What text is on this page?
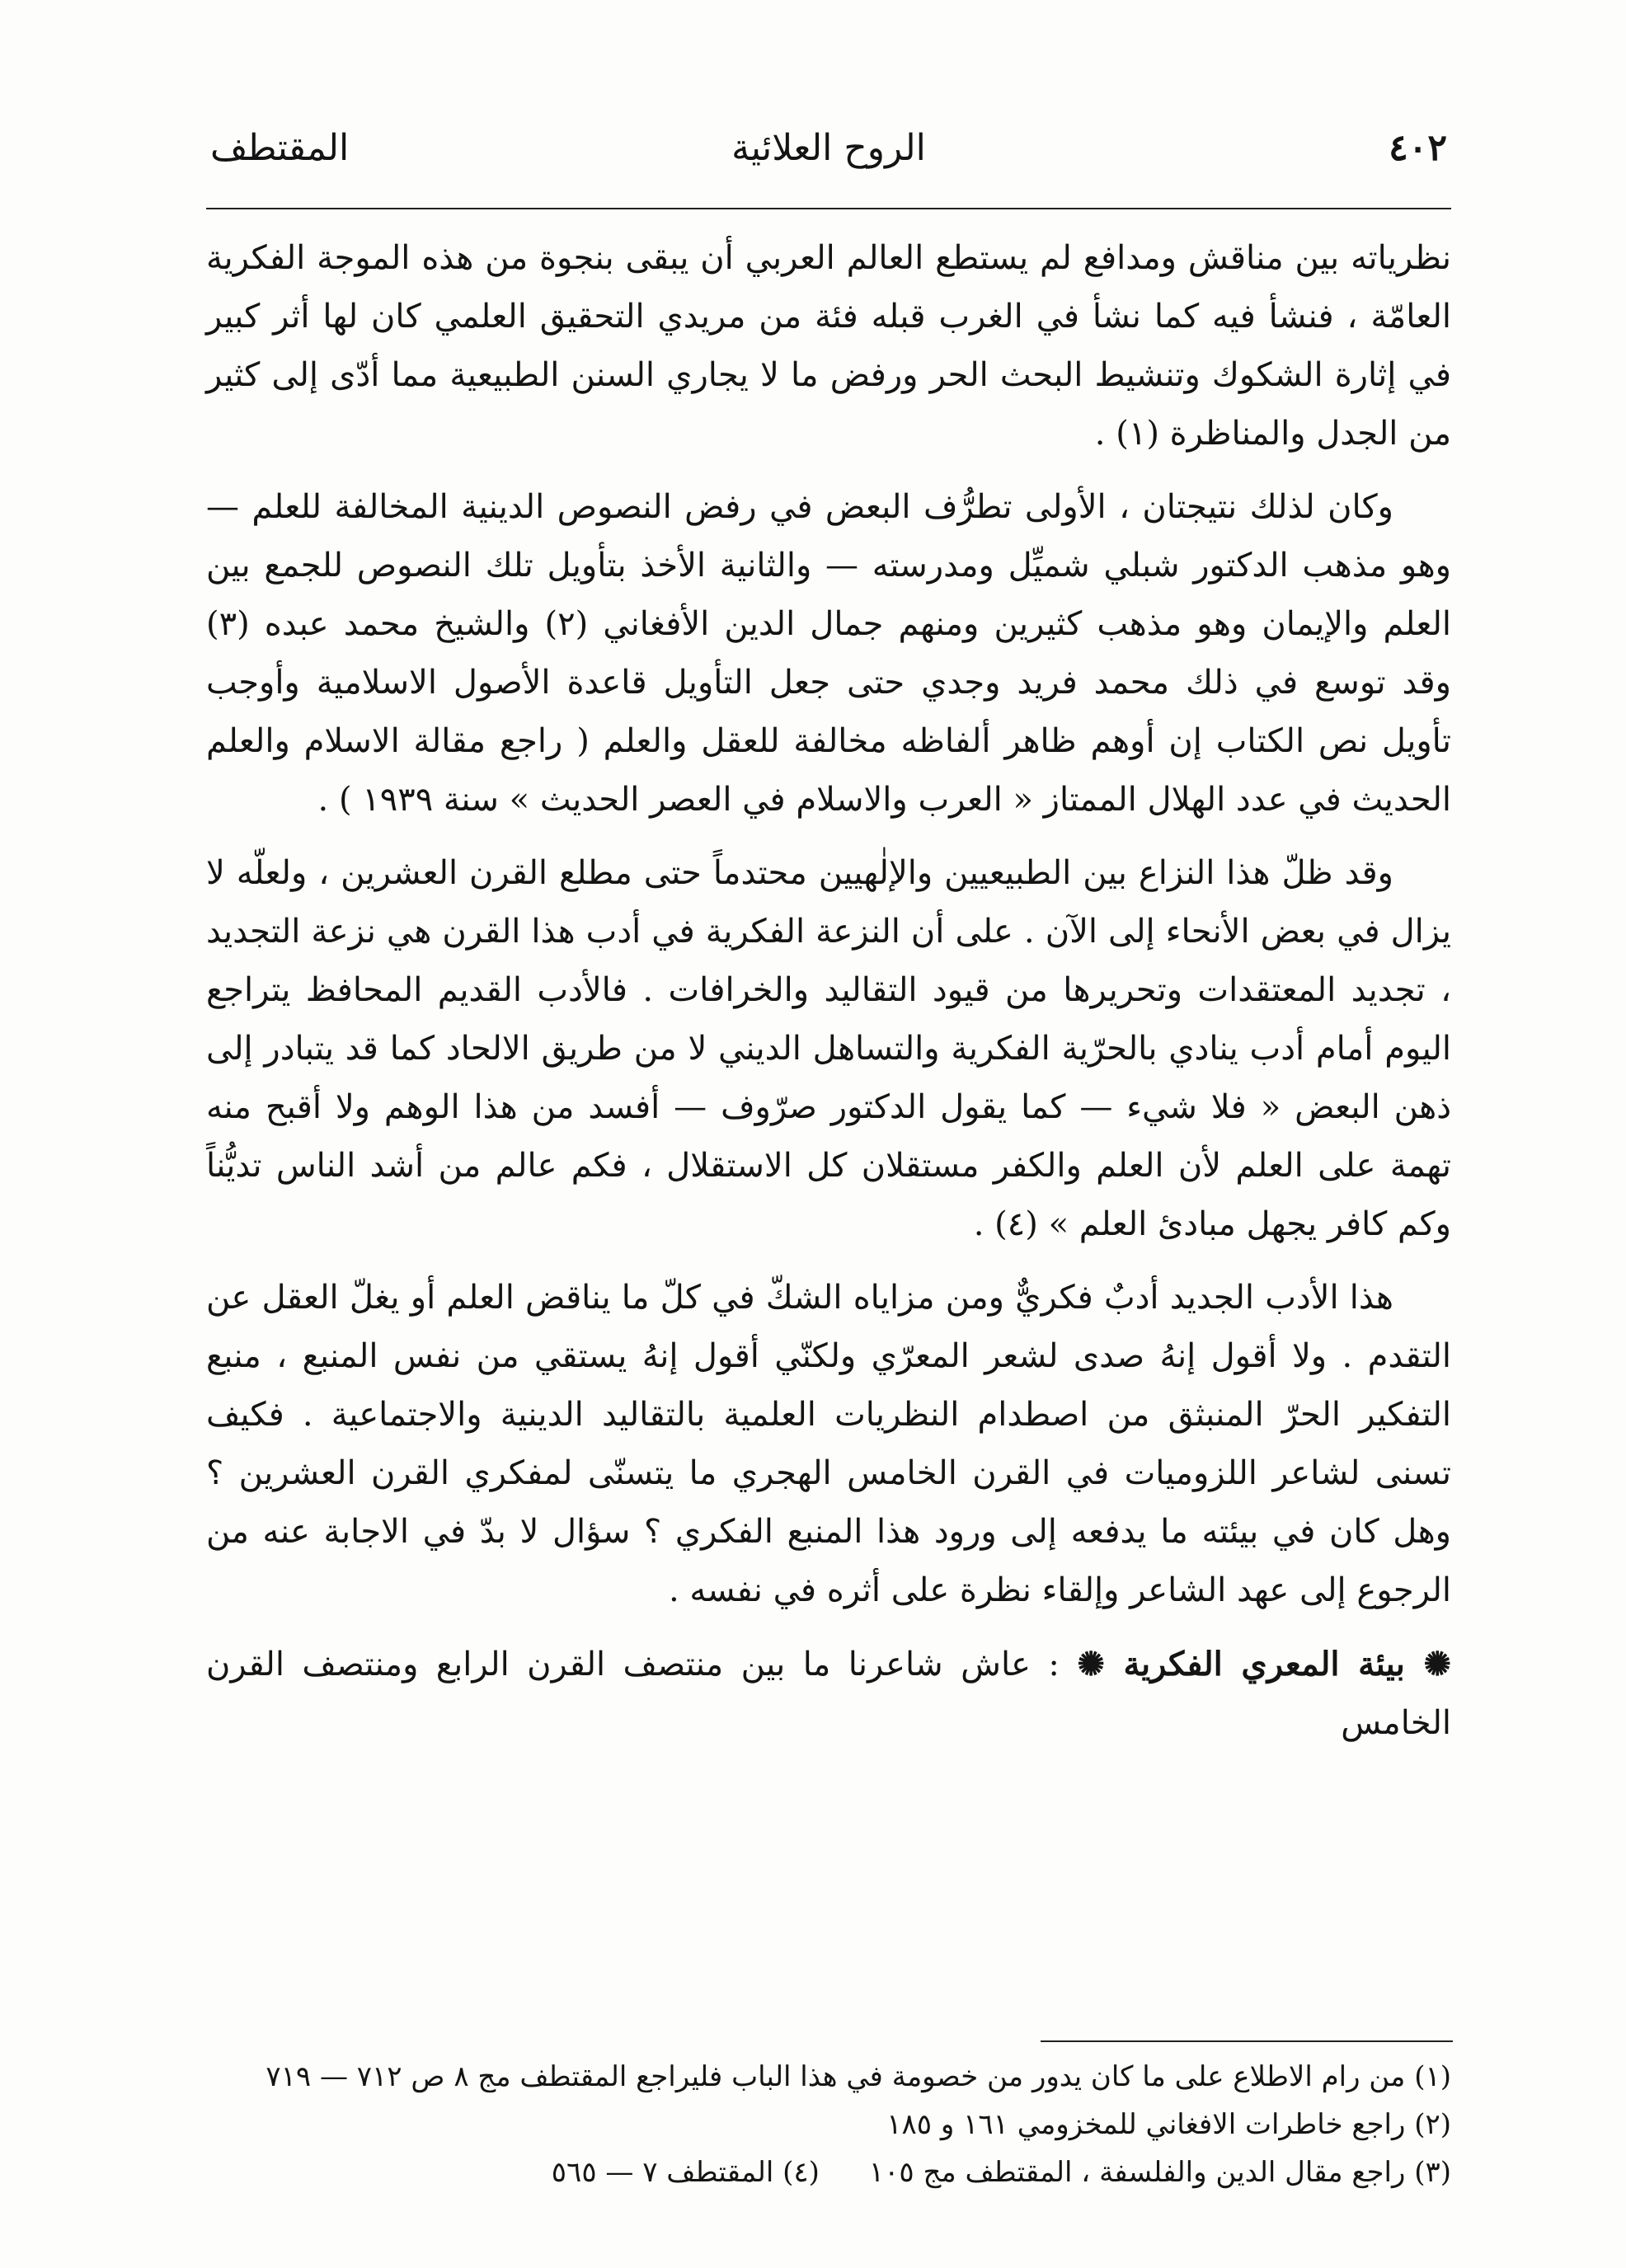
٤٠٢
الروح العلائية
المقتطف

نظرياته بين مناقش ومدافع لم يستطع العالم العربي أن يبقى بنجوة من هذه الموجة الفكرية العامّة ، فنشأ فيه كما نشأ في الغرب قبله فئة من مريدي التحقيق العلمي كان لها أثر كبير في إثارة الشكوك وتنشيط البحث الحر ورفض ما لا يجاري السنن الطبيعية مما أدّى إلى كثير من الجدل والمناظرة (١) .

وكان لذلك نتيجتان ، الأولى تطرُّف البعض في رفض النصوص الدينية المخالفة للعلم — وهو مذهب الدكتور شبلي شميِّل ومدرسته — والثانية الأخذ بتأويل تلك النصوص للجمع بين العلم والإيمان وهو مذهب كثيرين ومنهم جمال الدين الأفغاني (٢) والشيخ محمد عبده (٣) وقد توسع في ذلك محمد فريد وجدي حتى جعل التأويل قاعدة الأصول الاسلامية وأوجب تأويل نص الكتاب إن أوهم ظاهر ألفاظه مخالفة للعقل والعلم ( راجع مقالة الاسلام والعلم الحديث في عدد الهلال الممتاز « العرب والاسلام في العصر الحديث » سنة ١٩٣٩ ) .

وقد ظلّ هذا النزاع بين الطبيعيين والإلٰهيين محتدماً حتى مطلع القرن العشرين ، ولعلّه لا يزال في بعض الأنحاء إلى الآن . على أن النزعة الفكرية في أدب هذا القرن هي نزعة التجديد ، تجديد المعتقدات وتحريرها من قيود التقاليد والخرافات . فالأدب القديم المحافظ يتراجع اليوم أمام أدب ينادي بالحرّية الفكرية والتساهل الديني لا من طريق الالحاد كما قد يتبادر إلى ذهن البعض « فلا شيء — كما يقول الدكتور صرّوف — أفسد من هذا الوهم ولا أقبح منه تهمة على العلم لأن العلم والكفر مستقلان كل الاستقلال ، فكم عالم من أشد الناس تديُّناً وكم كافر يجهل مبادئ العلم » (٤) .

هذا الأدب الجديد أدبٌ فكريٌّ ومن مزاياه الشكّ في كلّ ما يناقض العلم أو يغلّ العقل عن التقدم . ولا أقول إنهُ صدى لشعر المعرّي ولكنّي أقول إنهُ يستقي من نفس المنبع ، منبع التفكير الحرّ المنبثق من اصطدام النظريات العلمية بالتقاليد الدينية والاجتماعية . فكيف تسنى لشاعر اللزوميات في القرن الخامس الهجري ما يتسنّى لمفكري القرن العشرين ؟ وهل كان في بيئته ما يدفعه إلى ورود هذا المنبع الفكري ؟ سؤال لا بدّ في الاجابة عنه من الرجوع إلى عهد الشاعر وإلقاء نظرة على أثره في نفسه .

✺ بيئة المعري الفكرية ✺ : عاش شاعرنا ما بين منتصف القرن الرابع ومنتصف القرن الخامس

(١) من رام الاطلاع على ما كان يدور من خصومة في هذا الباب فليراجع المقتطف مج ٨ ص ٧١٢ — ٧١٩
(٢) راجع خاطرات الافغاني للمخزومي ١٦١ و ١٨٥
(٣) راجع مقال الدين والفلسفة ، المقتطف مج ١٠٥
(٤) المقتطف ٧ — ٥٦٥
